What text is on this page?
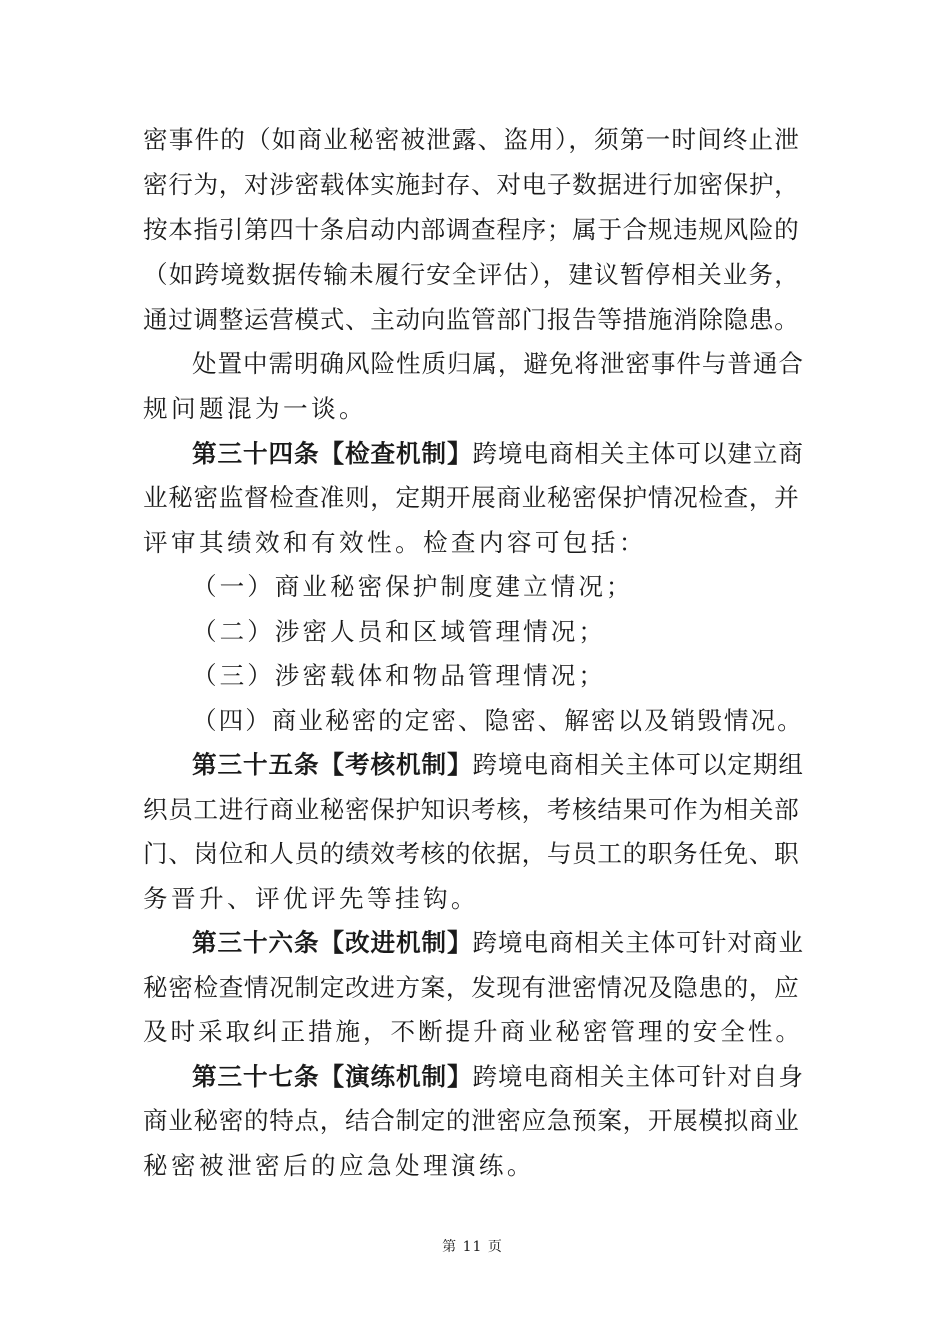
密事件的（如商业秘密被泄露、盗用），须第一时间终止泄
密行为，对涉密载体实施封存、对电子数据进行加密保护，
按本指引第四十条启动内部调查程序；属于合规违规风险的
（如跨境数据传输未履行安全评估），建议暂停相关业务，
通过调整运营模式、主动向监管部门报告等措施消除隐患。
处置中需明确风险性质归属，避免将泄密事件与普通合
规问题混为一谈。
第三十四条【检查机制】跨境电商相关主体可以建立商
业秘密监督检查准则，定期开展商业秘密保护情况检查，并
评审其绩效和有效性。检查内容可包括：
（一）商业秘密保护制度建立情况；
（二）涉密人员和区域管理情况；
（三）涉密载体和物品管理情况；
（四）商业秘密的定密、隐密、解密以及销毁情况。
第三十五条【考核机制】跨境电商相关主体可以定期组
织员工进行商业秘密保护知识考核，考核结果可作为相关部
门、岗位和人员的绩效考核的依据，与员工的职务任免、职
务晋升、评优评先等挂钩。
第三十六条【改进机制】跨境电商相关主体可针对商业
秘密检查情况制定改进方案，发现有泄密情况及隐患的，应
及时采取纠正措施，不断提升商业秘密管理的安全性。
第三十七条【演练机制】跨境电商相关主体可针对自身
商业秘密的特点，结合制定的泄密应急预案，开展模拟商业
秘密被泄密后的应急处理演练。
第 11 页
